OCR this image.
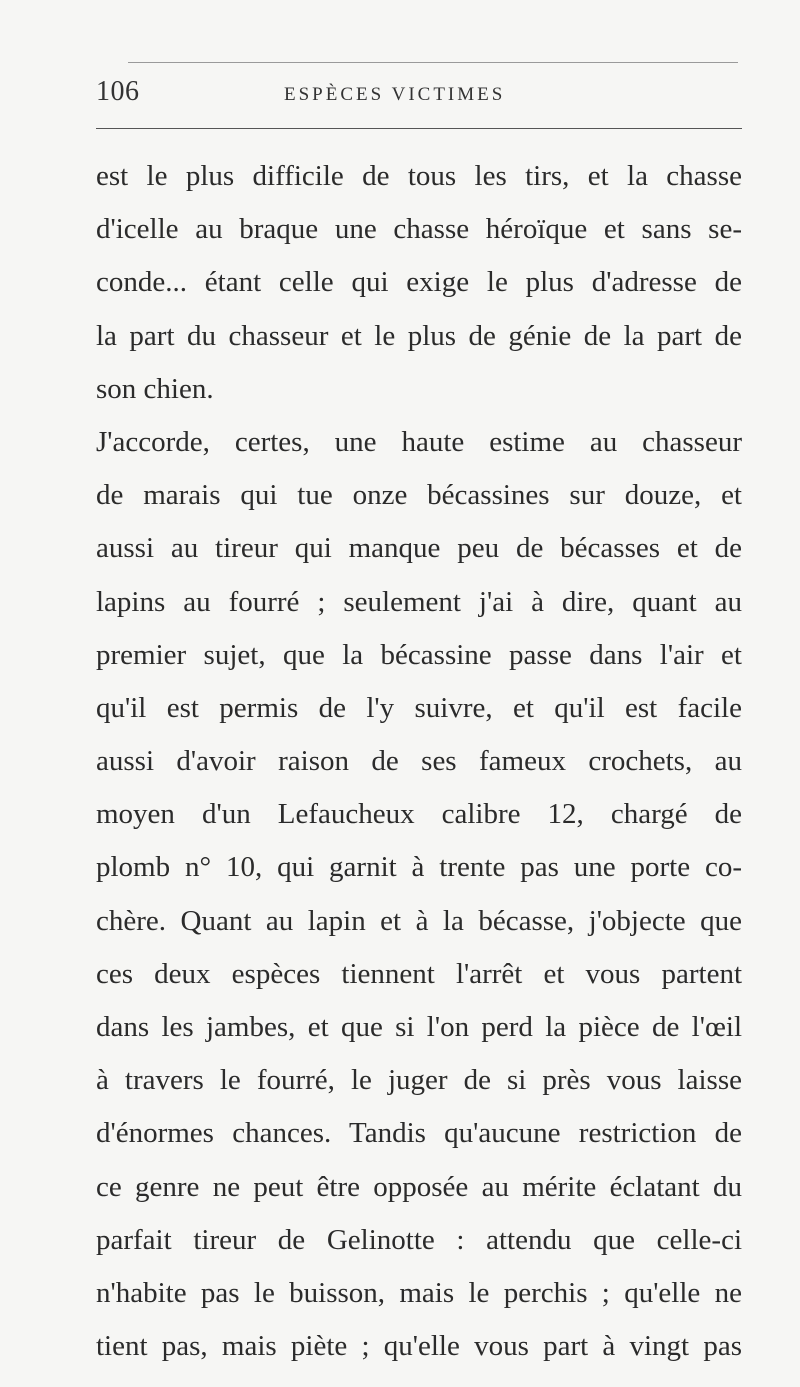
106	ESPÈCES VICTIMES
est le plus difficile de tous les tirs, et la chasse
d'icelle au braque une chasse héroïque et sans se-
conde... étant celle qui exige le plus d'adresse de
la part du chasseur et le plus de génie de la part de
son chien.
J'accorde, certes, une haute estime au chasseur
de marais qui tue onze bécassines sur douze, et
aussi au tireur qui manque peu de bécasses et de
lapins au fourré ; seulement j'ai à dire, quant au
premier sujet, que la bécassine passe dans l'air et
qu'il est permis de l'y suivre, et qu'il est facile
aussi d'avoir raison de ses fameux crochets, au
moyen d'un Lefaucheux calibre 12, chargé de
plomb n° 10, qui garnit à trente pas une porte co-
chère. Quant au lapin et à la bécasse, j'objecte que
ces deux espèces tiennent l'arrêt et vous partent
dans les jambes, et que si l'on perd la pièce de l'œil
à travers le fourré, le juger de si près vous laisse
d'énormes chances. Tandis qu'aucune restriction de
ce genre ne peut être opposée au mérite éclatant du
parfait tireur de Gelinotte : attendu que celle-ci
n'habite pas le buisson, mais le perchis ; qu'elle ne
tient pas, mais piète ; qu'elle vous part à vingt pas
